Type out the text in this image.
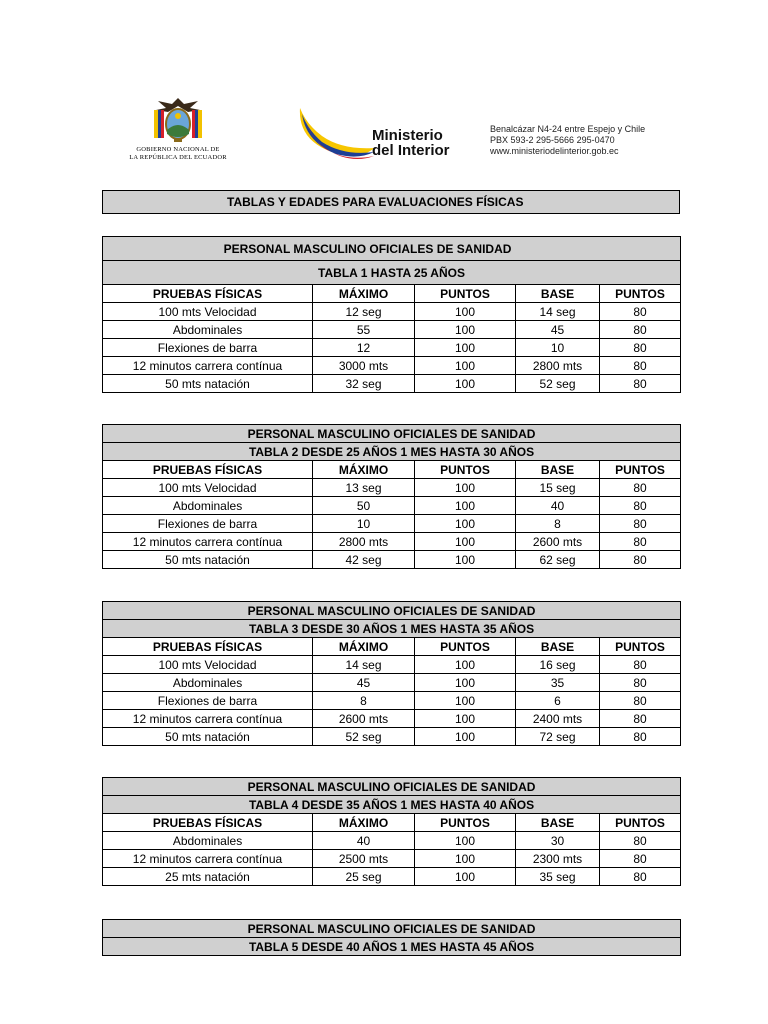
GOBIERNO NACIONAL DE
LA REPÚBLICA DEL ECUADOR
Ministerio
del Interior
Benalcázar N4-24 entre Espejo y Chile
PBX 593-2 295-5666 295-0470
www.ministeriodelinterior.gob.ec
TABLAS Y EDADES PARA EVALUACIONES FÍSICAS
PERSONAL MASCULINO OFICIALES DE SANIDAD				
TABLA 1 HASTA 25 AÑOS				
PRUEBAS FÍSICAS	MÁXIMO	PUNTOS	BASE	PUNTOS
100 mts Velocidad	12 seg	100	14 seg	80
Abdominales	55	100	45	80
Flexiones de barra	12	100	10	80
12 minutos carrera contínua	3000 mts	100	2800 mts	80
50 mts natación	32 seg	100	52 seg	80
PERSONAL MASCULINO OFICIALES DE SANIDAD				
TABLA 2 DESDE 25 AÑOS 1 MES HASTA 30 AÑOS				
PRUEBAS FÍSICAS	MÁXIMO	PUNTOS	BASE	PUNTOS
100 mts Velocidad	13 seg	100	15 seg	80
Abdominales	50	100	40	80
Flexiones de barra	10	100	8	80
12 minutos carrera contínua	2800 mts	100	2600 mts	80
50 mts natación	42 seg	100	62 seg	80
PERSONAL MASCULINO OFICIALES DE SANIDAD				
TABLA 3 DESDE 30 AÑOS 1 MES HASTA 35 AÑOS				
PRUEBAS FÍSICAS	MÁXIMO	PUNTOS	BASE	PUNTOS
100 mts Velocidad	14 seg	100	16 seg	80
Abdominales	45	100	35	80
Flexiones de barra	8	100	6	80
12 minutos carrera contínua	2600 mts	100	2400 mts	80
50 mts natación	52 seg	100	72 seg	80
PERSONAL MASCULINO OFICIALES DE SANIDAD				
TABLA 4 DESDE 35 AÑOS 1 MES HASTA 40 AÑOS				
PRUEBAS FÍSICAS	MÁXIMO	PUNTOS	BASE	PUNTOS
Abdominales	40	100	30	80
12 minutos carrera contínua	2500 mts	100	2300 mts	80
25 mts natación	25 seg	100	35 seg	80
PERSONAL MASCULINO OFICIALES DE SANIDAD
TABLA 5 DESDE 40 AÑOS 1 MES HASTA 45 AÑOS
